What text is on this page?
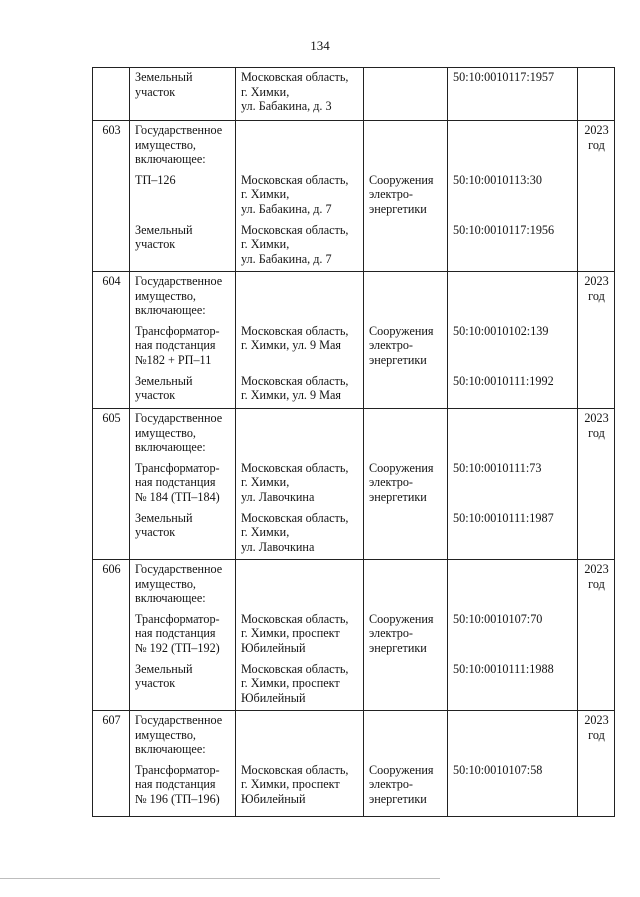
134
	Земельный
участок	Московская область,
г. Химки,
ул. Бабакина, д. 3		50:10:0010117:1957	
603	Государственное
имущество,
включающее:				2023
год
	ТП–126	Московская область,
г. Химки,
ул. Бабакина, д. 7	Сооружения
электро-
энергетики	50:10:0010113:30	
	Земельный
участок	Московская область,
г. Химки,
ул. Бабакина, д. 7		50:10:0010117:1956	
604	Государственное
имущество,
включающее:				2023
год
	Трансформатор-
ная подстанция
№182 + РП–11	Московская область,
г. Химки, ул. 9 Мая	Сооружения
электро-
энергетики	50:10:0010102:139	
	Земельный
участок	Московская область,
г. Химки, ул. 9 Мая		50:10:0010111:1992	
605	Государственное
имущество,
включающее:				2023
год
	Трансформатор-
ная подстанция
№ 184 (ТП–184)	Московская область,
г. Химки,
ул. Лавочкина	Сооружения
электро-
энергетики	50:10:0010111:73	
	Земельный
участок	Московская область,
г. Химки,
ул. Лавочкина		50:10:0010111:1987	
606	Государственное
имущество,
включающее:				2023
год
	Трансформатор-
ная подстанция
№ 192 (ТП–192)	Московская область,
г. Химки, проспект
Юбилейный	Сооружения
электро-
энергетики	50:10:0010107:70	
	Земельный
участок	Московская область,
г. Химки, проспект
Юбилейный		50:10:0010111:1988	
607	Государственное
имущество,
включающее:				2023
год
	Трансформатор-
ная подстанция
№ 196 (ТП–196)	Московская область,
г. Химки, проспект
Юбилейный	Сооружения
электро-
энергетики	50:10:0010107:58	
